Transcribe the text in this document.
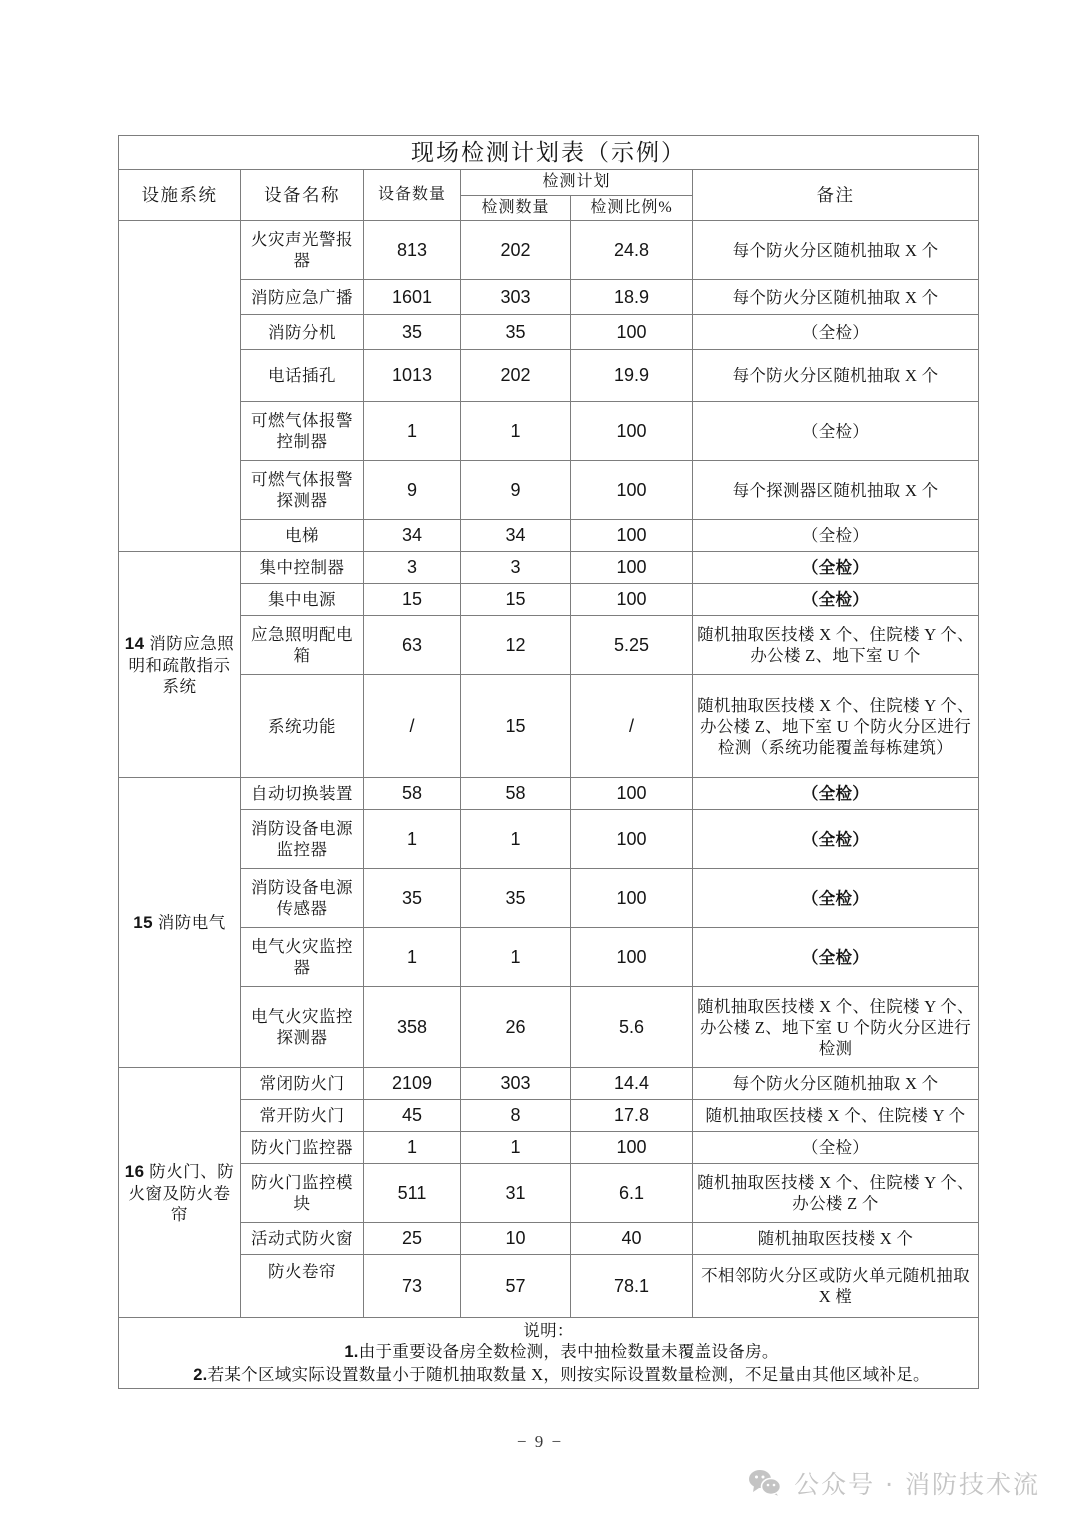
现场检测计划表（示例）					
设施系统	设备名称	设备数量	检测计划		备注
			检测数量	检测比例%	
	火灾声光警报器	813	202	24.8	每个防火分区随机抽取 X 个
	消防应急广播	1601	303	18.9	每个防火分区随机抽取 X 个
	消防分机	35	35	100	（全检）
	电话插孔	1013	202	19.9	每个防火分区随机抽取 X 个
	可燃气体报警控制器	1	1	100	（全检）
	可燃气体报警探测器	9	9	100	每个探测器区随机抽取 X 个
	电梯	34	34	100	（全检）
14 消防应急照明和疏散指示系统	集中控制器	3	3	100	（全检）
	集中电源	15	15	100	（全检）
	应急照明配电箱	63	12	5.25	随机抽取医技楼 X 个、住院楼 Y 个、办公楼 Z、地下室 U 个
	系统功能	/	15	/	随机抽取医技楼 X 个、住院楼 Y 个、办公楼 Z、地下室 U 个防火分区进行检测（系统功能覆盖每栋建筑）
15 消防电气	自动切换装置	58	58	100	（全检）
	消防设备电源监控器	1	1	100	（全检）
	消防设备电源传感器	35	35	100	（全检）
	电气火灾监控器	1	1	100	（全检）
	电气火灾监控探测器	358	26	5.6	随机抽取医技楼 X 个、住院楼 Y 个、办公楼 Z、地下室 U 个防火分区进行检测
16 防火门、防火窗及防火卷帘	常闭防火门	2109	303	14.4	每个防火分区随机抽取 X 个
	常开防火门	45	8	17.8	随机抽取医技楼 X 个、住院楼 Y 个
	防火门监控器	1	1	100	（全检）
	防火门监控模块	511	31	6.1	随机抽取医技楼 X 个、住院楼 Y 个、办公楼 Z 个
	活动式防火窗	25	10	40	随机抽取医技楼 X 个
	防火卷帘	73	57	78.1	不相邻防火分区或防火单元随机抽取 X 樘

说明：
1.由于重要设备房全数检测，表中抽检数量未覆盖设备房。
2.若某个区域实际设置数量小于随机抽取数量 X，则按实际设置数量检测，不足量由其他区域补足。					
− 9 −
公众号 · 消防技术流
